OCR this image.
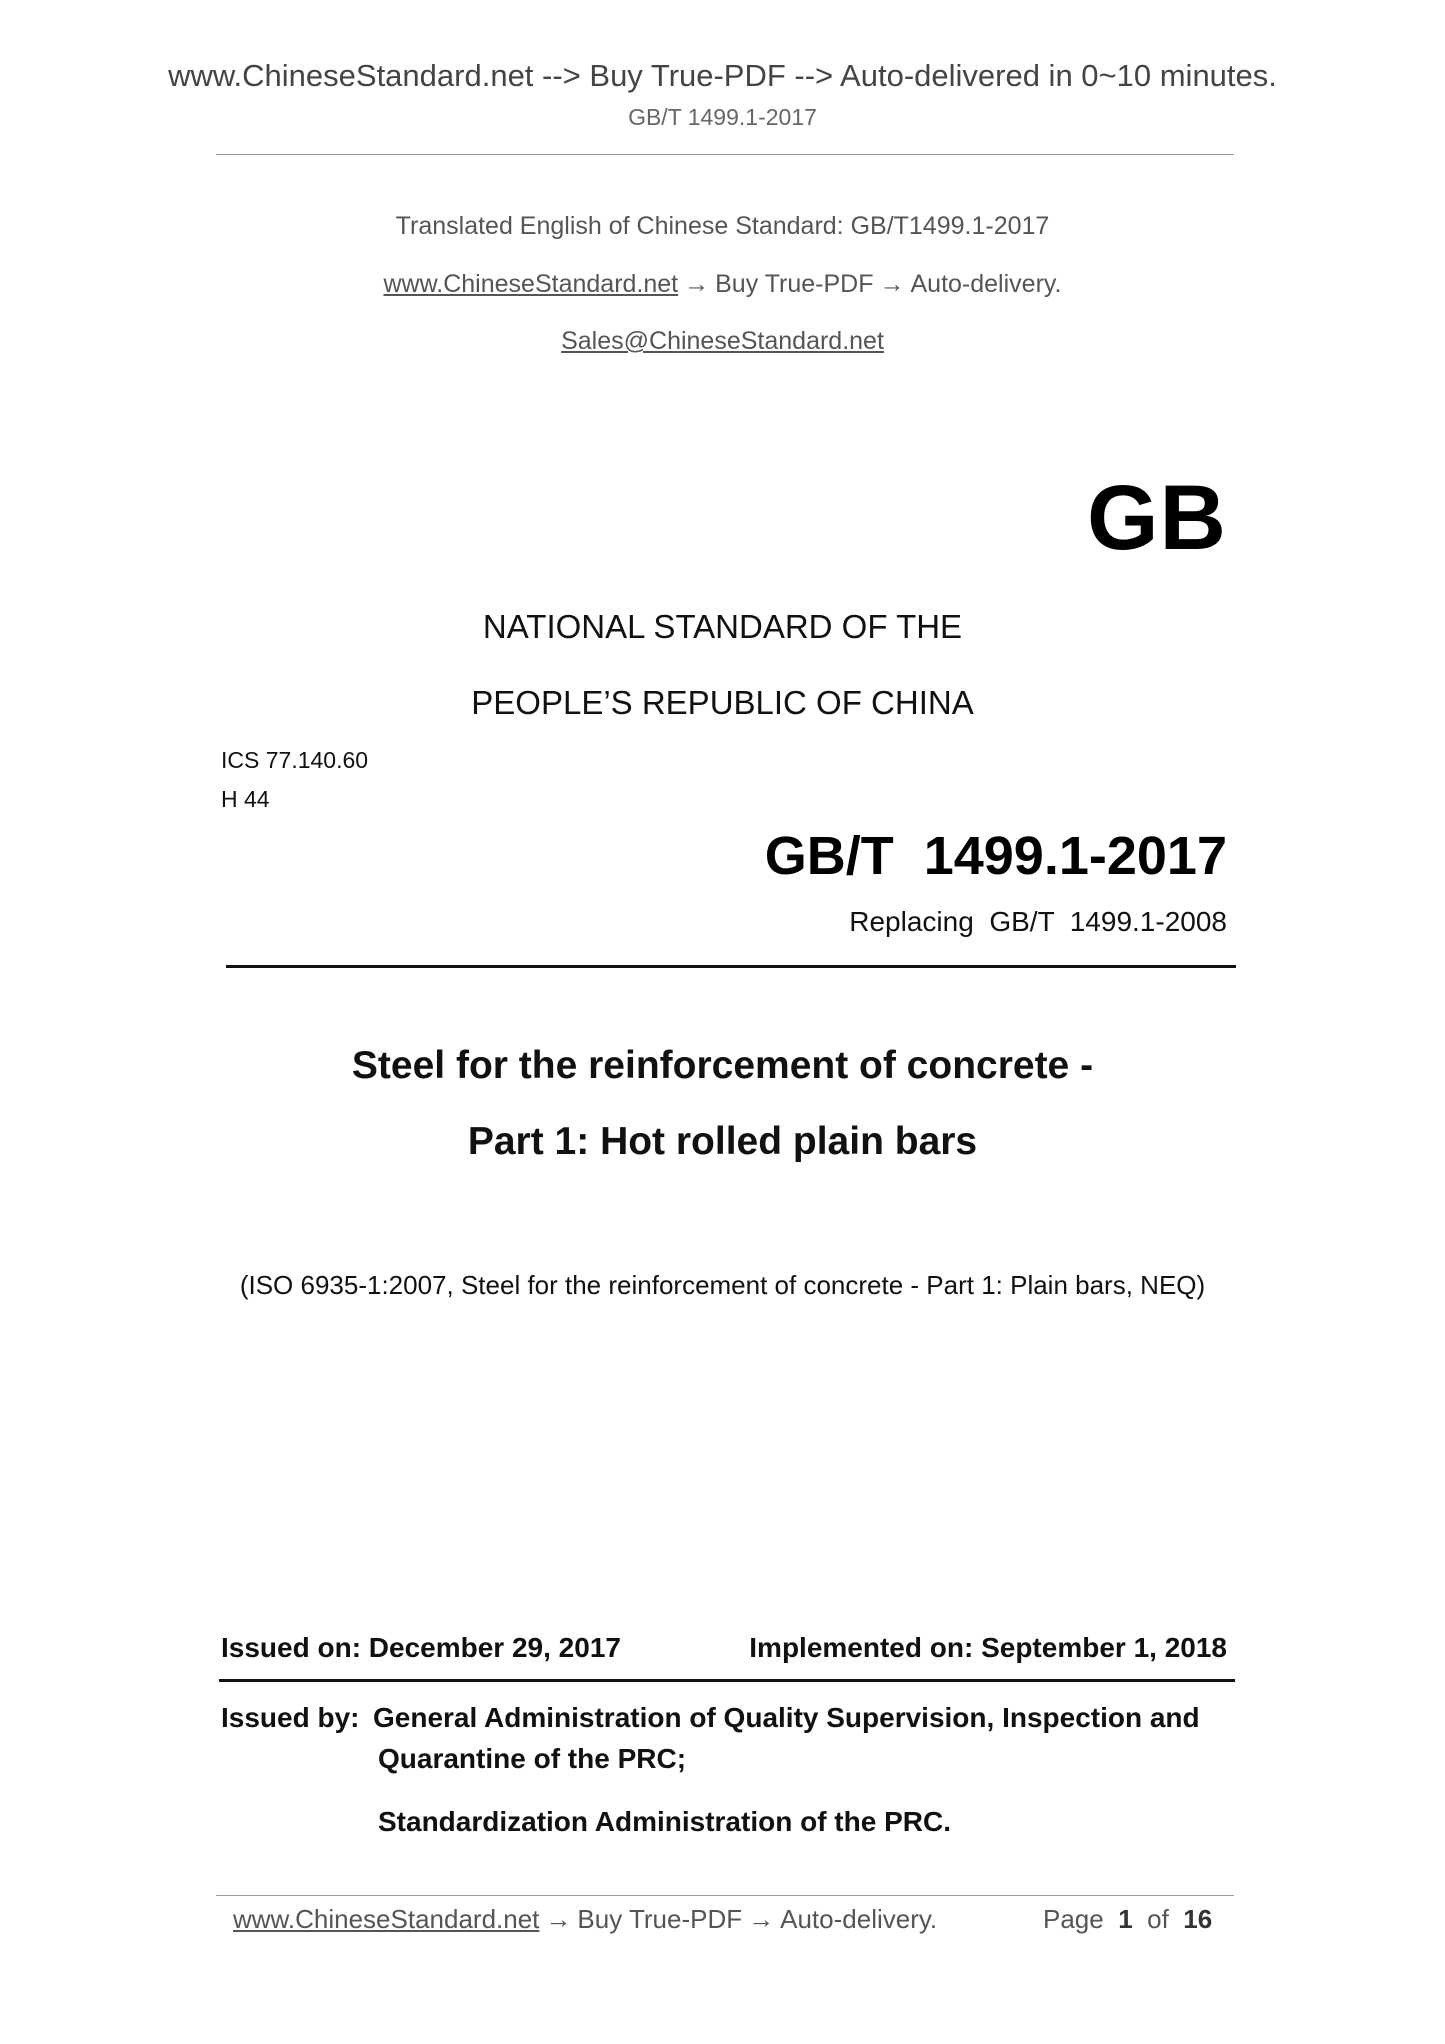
www.ChineseStandard.net --> Buy True-PDF --> Auto-delivered in 0~10 minutes.
GB/T 1499.1-2017
Translated English of Chinese Standard: GB/T1499.1-2017
www.ChineseStandard.net → Buy True-PDF → Auto-delivery.
Sales@ChineseStandard.net
GB
NATIONAL STANDARD OF THE
PEOPLE’S REPUBLIC OF CHINA
ICS 77.140.60
H 44
GB/T  1499.1-2017
Replacing  GB/T  1499.1-2008
Steel for the reinforcement of concrete -
Part 1: Hot rolled plain bars
(ISO 6935-1:2007, Steel for the reinforcement of concrete - Part 1: Plain bars, NEQ)
Issued on: December 29, 2017	Implemented on: September 1, 2018
Issued by: General Administration of Quality Supervision, Inspection and
Quarantine of the PRC;
Standardization Administration of the PRC.
www.ChineseStandard.net → Buy True-PDF → Auto-delivery.	Page 1 of 16
